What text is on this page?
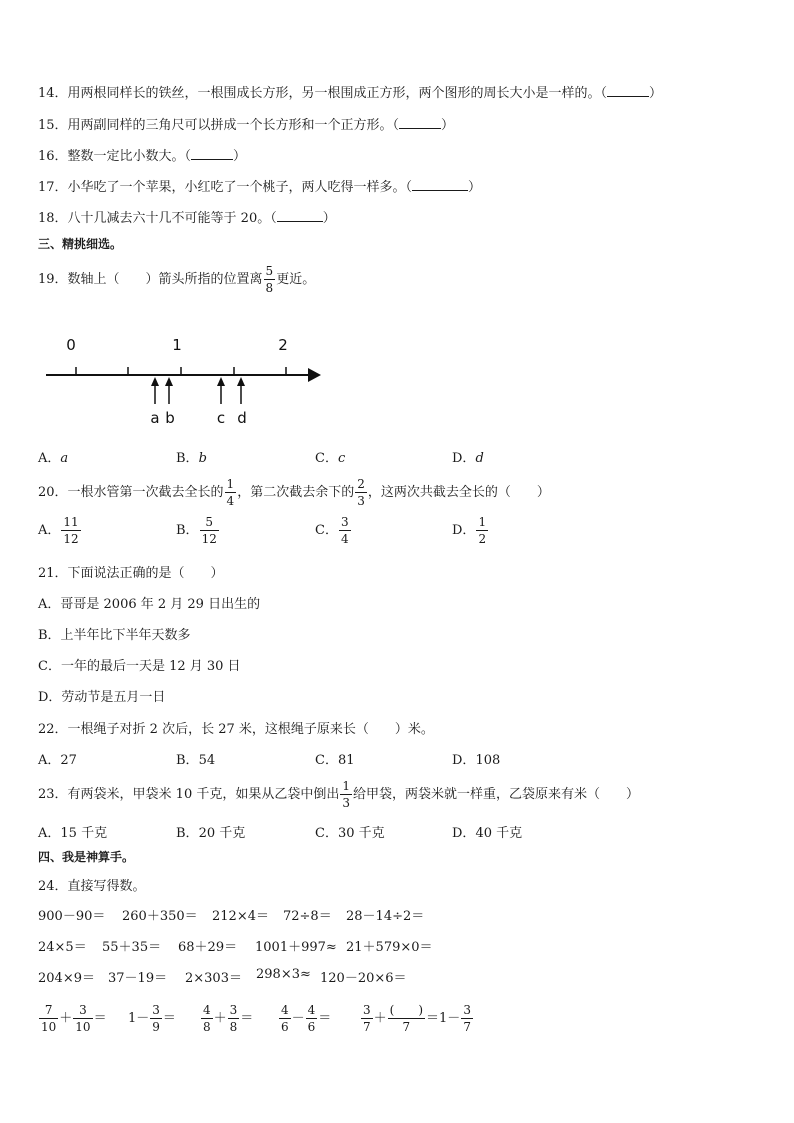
14．用两根同样长的铁丝，一根围成长方形，另一根围成正方形，两个图形的周长大小是一样的。（	）
15．用两副同样的三角尺可以拼成一个长方形和一个正方形。（	）
16．整数一定比小数大。（	）
17．小华吃了一个苹果，小红吃了一个桃子，两人吃得一样多。（	）
18．八十几减去六十几不可能等于 20。（	）
三、精挑细选。
19．数轴上（　　）箭头所指的位置离 $\frac{5}{8}$ 更近。
0	1	2
a b	c d
A．a	B．b	C．c	D．d
20．一根水管第一次截去全长的 $\frac{1}{4}$ ，第二次截去余下的 $\frac{2}{3}$ ，这两次共截去全长的（　　）
A． $\frac{11}{12}$	B． $\frac{5}{12}$	C． $\frac{3}{4}$	D． $\frac{1}{2}$
21．下面说法正确的是（　　）
A．哥哥是 2006 年 2 月 29 日出生的
B．上半年比下半年天数多
C．一年的最后一天是 12 月 30 日
D．劳动节是五月一日
22．一根绳子对折 2 次后，长 27 米，这根绳子原来长（　　）米。
A．27	B．54	C．81	D．108
23．有两袋米，甲袋米 10 千克，如果从乙袋中倒出 $\frac{1}{3}$ 给甲袋，两袋米就一样重，乙袋原来有米（　　）
A．15 千克	B．20 千克	C．30 千克	D．40 千克
四、我是神算手。
24．直接写得数。
900－90＝ 260＋350＝ 212×4＝ 72÷8＝ 28－14÷2＝
24×5＝ 55＋35＝ 68＋29＝ 1001＋997≈ 21＋579×0＝
204×9＝ 37－19＝ 2×303＝ 298×3≈ 120－20×6＝
$\frac{7}{10} + \frac{3}{10} = 1- \frac{3}{9} = \frac{4}{8} + \frac{3}{8} = \frac{4}{6} - \frac{4}{6} = \frac{3}{7} + \frac{( )}{7} =1- \frac{3}{7}$
